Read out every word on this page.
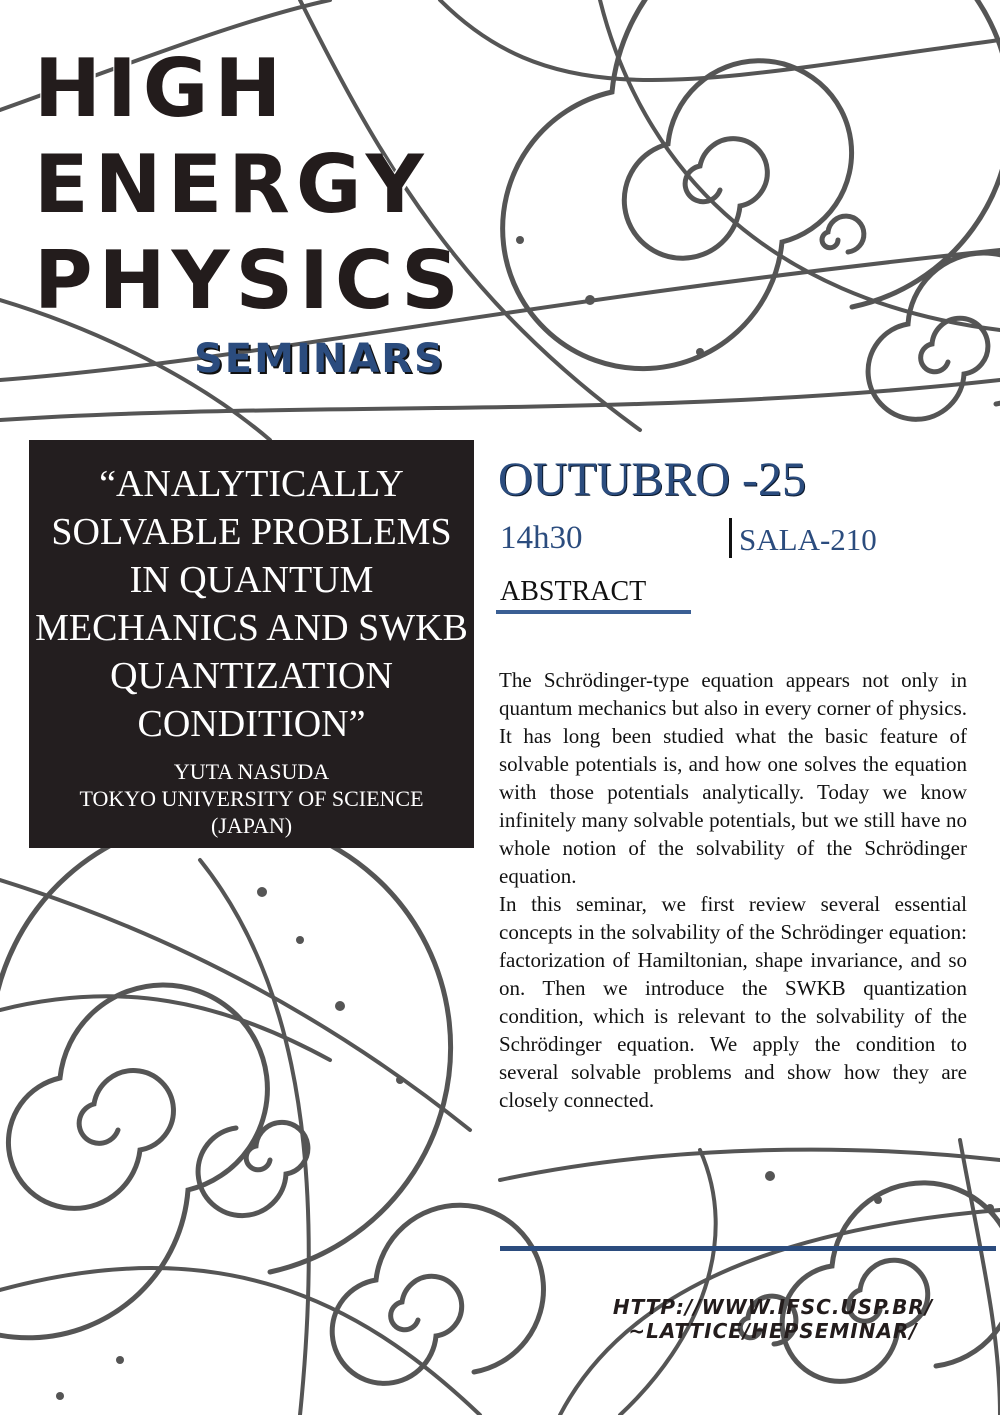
HIGH
ENERGY
PHYSICS
SEMINARS
“ANALYTICALLY SOLVABLE PROBLEMS IN QUANTUM MECHANICS AND SWKB QUANTIZATION CONDITION”
YUTA NASUDA
TOKYO UNIVERSITY OF SCIENCE
(JAPAN)
OUTUBRO -25
14h30	SALA-210
ABSTRACT

The Schrödinger-type equation appears not only in quantum mechanics but also in every corner of physics. It has long been studied what the basic feature of solvable potentials is, and how one solves the equation with those potentials analytically. Today we know infinitely many solvable potentials, but we still have no whole notion of the solvability of the Schrödinger equation.

In this seminar, we first review several essential concepts in the solvability of the Schrödinger equation: factorization of Hamiltonian, shape invariance, and so on. Then we introduce the SWKB quantization condition, which is relevant to the solvability of the Schrödinger equation. We apply the condition to several solvable problems and show how they are closely connected.

HTTP://WWW.IFSC.USP.BR/
~LATTICE/HEPSEMINAR/
